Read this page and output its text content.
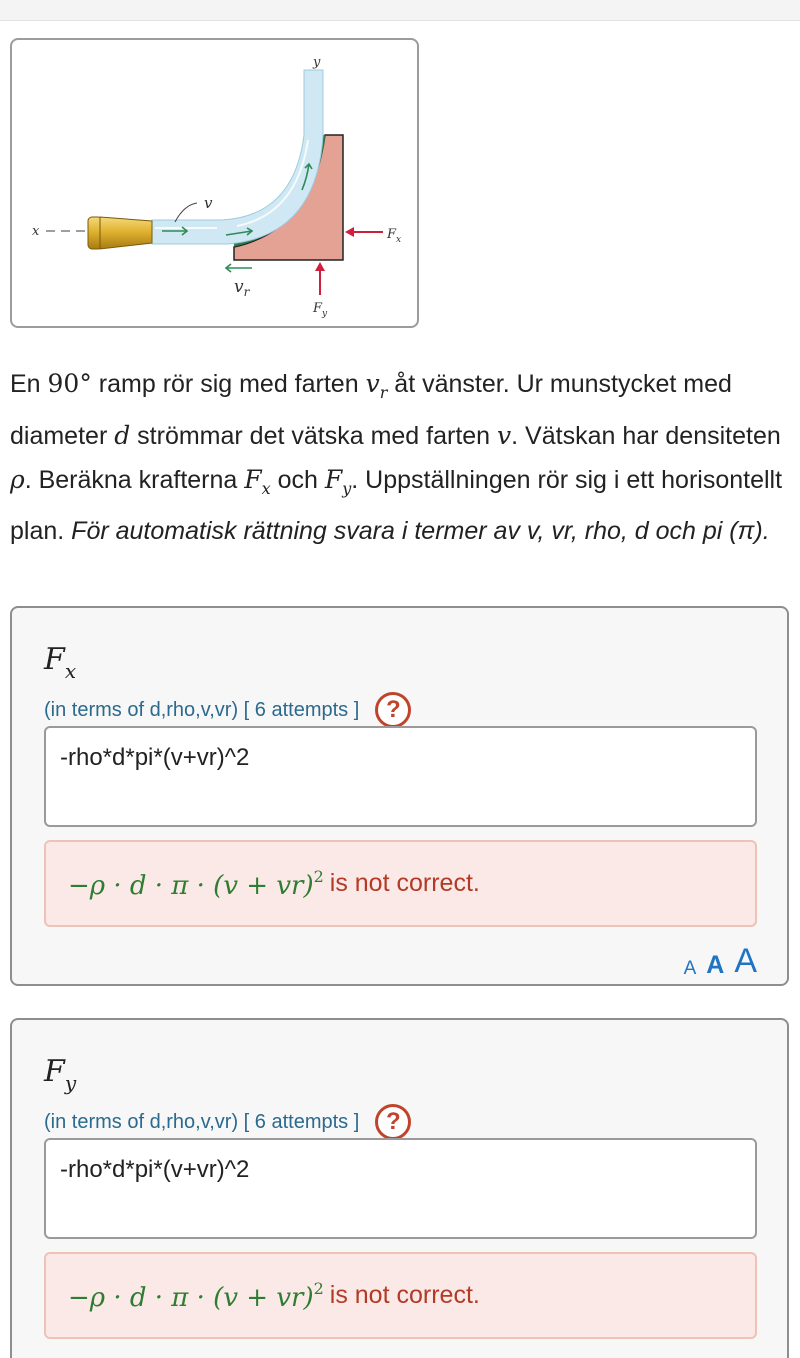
y
x
v
$v_r$
$F_x$
$F_y$
En 90° ramp rör sig med farten $v_r$ åt vänster. Ur munstycket med diameter d strömmar det vätska med farten v. Vätskan har densiteten ρ. Beräkna krafterna $F_x$ och $F_y$. Uppställningen rör sig i ett horisontellt plan. För automatisk rättning svara i termer av v, vr, rho, d och pi (π).
$F_x$
(in terms of d,rho,v,vr) [ 6 attempts ]	?
-rho*d*pi*(v+vr)^2
−ρ · d · π · (v + vr)$^2$ is not correct.
A A A
$F_y$
(in terms of d,rho,v,vr) [ 6 attempts ]	?
-rho*d*pi*(v+vr)^2
−ρ · d · π · (v + vr)$^2$ is not correct.
